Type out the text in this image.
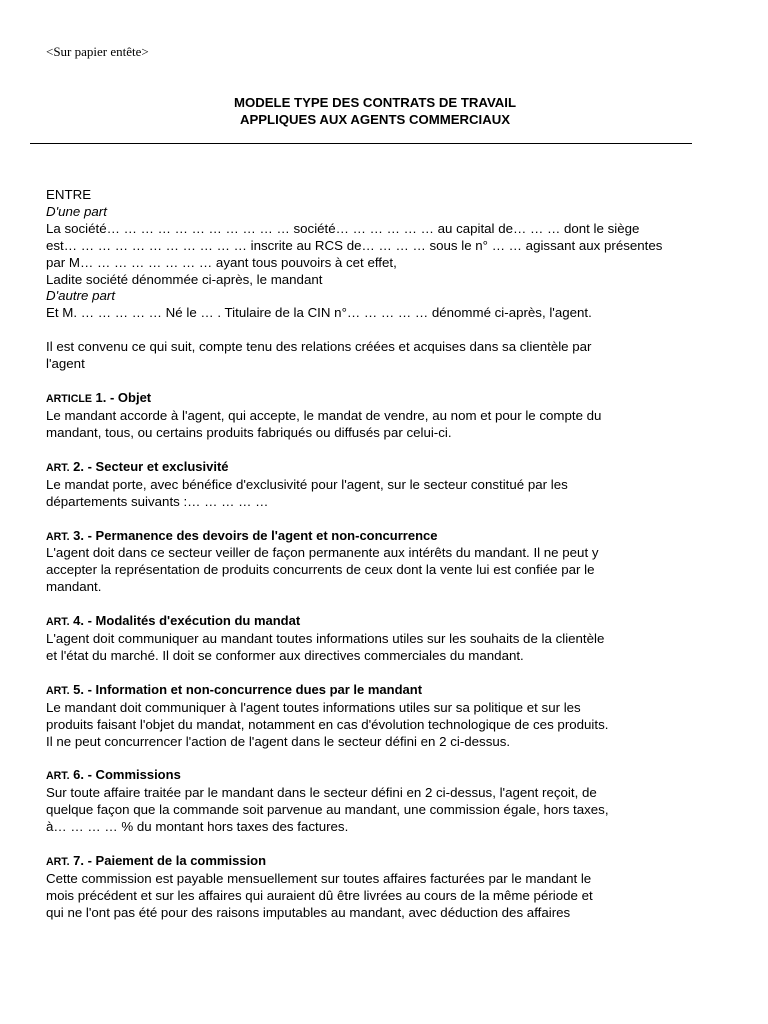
<Sur papier entête>
MODELE TYPE DES CONTRATS DE TRAVAIL
APPLIQUES AUX AGENTS COMMERCIAUX
ENTRE
D'une part
La société… … … … … … … … … … … société… … … … … … au capital de… … … dont le siège
est… … … … … … … … … … … inscrite au RCS de… … … … sous le n° … … agissant aux présentes
par M… … … … … … … … ayant tous pouvoirs à cet effet,
Ladite société dénommée ci-après, le mandant
D'autre part
Et M. … … … … … Né le … . Titulaire de la CIN n°… … … … … dénommé ci-après, l'agent.
Il est convenu ce qui suit, compte tenu des relations créées et acquises dans sa clientèle par
l'agent
ARTICLE 1. - Objet
Le mandant accorde à l'agent, qui accepte, le mandat de vendre, au nom et pour le compte du
mandant, tous, ou certains produits fabriqués ou diffusés par celui-ci.
ART. 2. - Secteur et exclusivité
Le mandat porte, avec bénéfice d'exclusivité pour l'agent, sur le secteur constitué par les
départements suivants :… … … … …
ART. 3. - Permanence des devoirs de l'agent et non-concurrence
L'agent doit dans ce secteur veiller de façon permanente aux intérêts du mandant. Il ne peut y
accepter la représentation de produits concurrents de ceux dont la vente lui est confiée par le
mandant.
ART. 4. - Modalités d'exécution du mandat
L'agent doit communiquer au mandant toutes informations utiles sur les souhaits de la clientèle
et l'état du marché. Il doit se conformer aux directives commerciales du mandant.
ART. 5. - Information et non-concurrence dues par le mandant
Le mandant doit communiquer à l'agent toutes informations utiles sur sa politique et sur les
produits faisant l'objet du mandat, notamment en cas d'évolution technologique de ces produits.
Il ne peut concurrencer l'action de l'agent dans le secteur défini en 2 ci-dessus.
ART. 6. - Commissions
Sur toute affaire traitée par le mandant dans le secteur défini en 2 ci-dessus, l'agent reçoit, de
quelque façon que la commande soit parvenue au mandant, une commission égale, hors taxes,
à… … … … % du montant hors taxes des factures.
ART. 7. - Paiement de la commission
Cette commission est payable mensuellement sur toutes affaires facturées par le mandant le
mois précédent et sur les affaires qui auraient dû être livrées au cours de la même période et
qui ne l'ont pas été pour des raisons imputables au mandant, avec déduction des affaires
